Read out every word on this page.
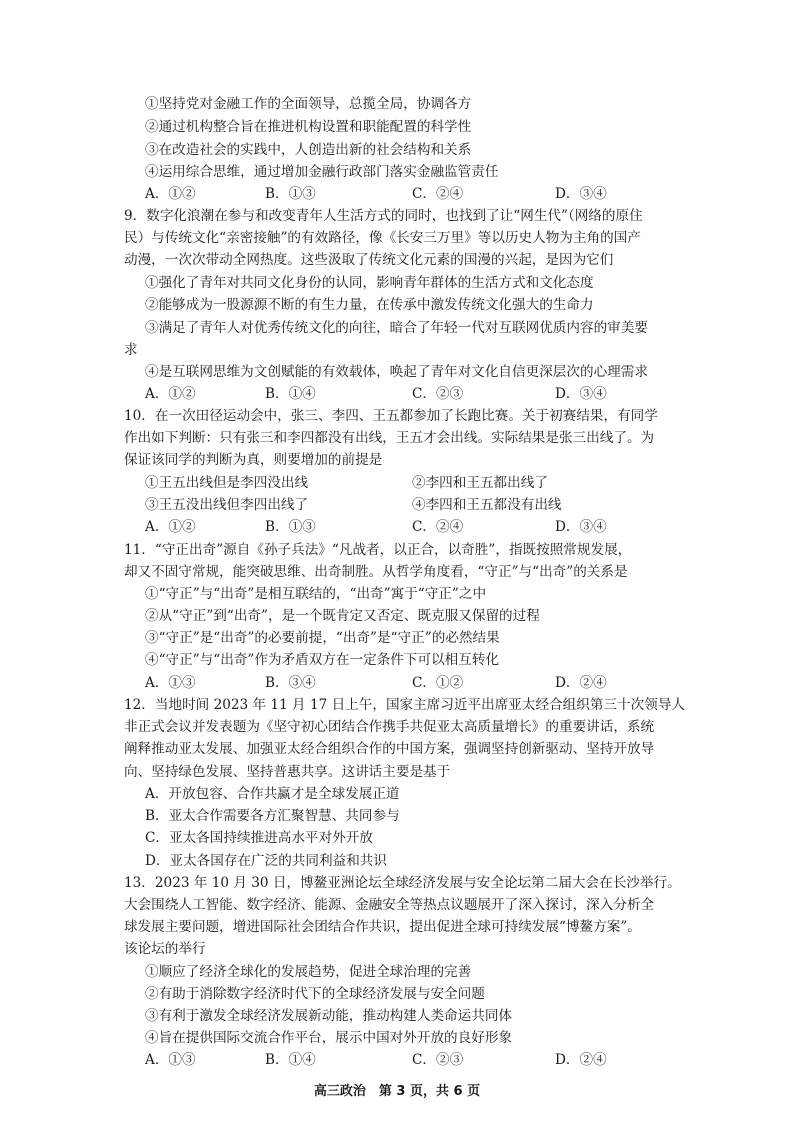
①坚持党对金融工作的全面领导，总揽全局，协调各方
②通过机构整合旨在推进机构设置和职能配置的科学性
③在改造社会的实践中，人创造出新的社会结构和关系
④运用综合思维，通过增加金融行政部门落实金融监管责任
A．①②	B．①③	C．②④	D．③④
9．数字化浪潮在参与和改变青年人生活方式的同时，也找到了让“网生代”（网络的原住
民）与传统文化“亲密接触”的有效路径，像《长安三万里》等以历史人物为主角的国产
动漫，一次次带动全网热度。这些汲取了传统文化元素的国漫的兴起，是因为它们
①强化了青年对共同文化身份的认同，影响青年群体的生活方式和文化态度
②能够成为一股源源不断的有生力量，在传承中激发传统文化强大的生命力
③满足了青年人对优秀传统文化的向往，暗合了年轻一代对互联网优质内容的审美要
求
④是互联网思维为文创赋能的有效载体，唤起了青年对文化自信更深层次的心理需求
A．①②	B．①④	C．②③	D．③④
10．在一次田径运动会中，张三、李四、王五都参加了长跑比赛。关于初赛结果，有同学
作出如下判断：只有张三和李四都没有出线，王五才会出线。实际结果是张三出线了。为
保证该同学的判断为真，则要增加的前提是
①王五出线但是李四没出线	②李四和王五都出线了
③王五没出线但李四出线了	④李四和王五都没有出线
A．①②	B．①③	C．②④	D．③④
11．“守正出奇”源自《孙子兵法》“凡战者，以正合，以奇胜”，指既按照常规发展，
却又不固守常规，能突破思维、出奇制胜。从哲学角度看，“守正”与“出奇”的关系是
①“守正”与“出奇”是相互联结的，“出奇”寓于“守正”之中
②从“守正”到“出奇”，是一个既肯定又否定、既克服又保留的过程
③“守正”是“出奇”的必要前提，“出奇”是“守正”的必然结果
④“守正”与“出奇”作为矛盾双方在一定条件下可以相互转化
A．①③	B．③④	C．①②	D．②④
12．当地时间 2023 年 11 月 17 日上午，国家主席习近平出席亚太经合组织第三十次领导人
非正式会议并发表题为《坚守初心团结合作携手共促亚太高质量增长》的重要讲话，系统
阐释推动亚太发展、加强亚太经合组织合作的中国方案，强调坚持创新驱动、坚持开放导
向、坚持绿色发展、坚持普惠共享。这讲话主要是基于
A．开放包容、合作共赢才是全球发展正道
B．亚太合作需要各方汇聚智慧、共同参与
C．亚太各国持续推进高水平对外开放
D．亚太各国存在广泛的共同利益和共识
13．2023 年 10 月 30 日，博鳌亚洲论坛全球经济发展与安全论坛第二届大会在长沙举行。
大会围绕人工智能、数字经济、能源、金融安全等热点议题展开了深入探讨，深入分析全
球发展主要问题，增进国际社会团结合作共识，提出促进全球可持续发展“博鳌方案”。
该论坛的举行
①顺应了经济全球化的发展趋势，促进全球治理的完善
②有助于消除数字经济时代下的全球经济发展与安全问题
③有利于激发全球经济发展新动能，推动构建人类命运共同体
④旨在提供国际交流合作平台，展示中国对外开放的良好形象
A．①③	B．①④	C．②③	D．②④
高三政治　第 3 页，共 6 页
